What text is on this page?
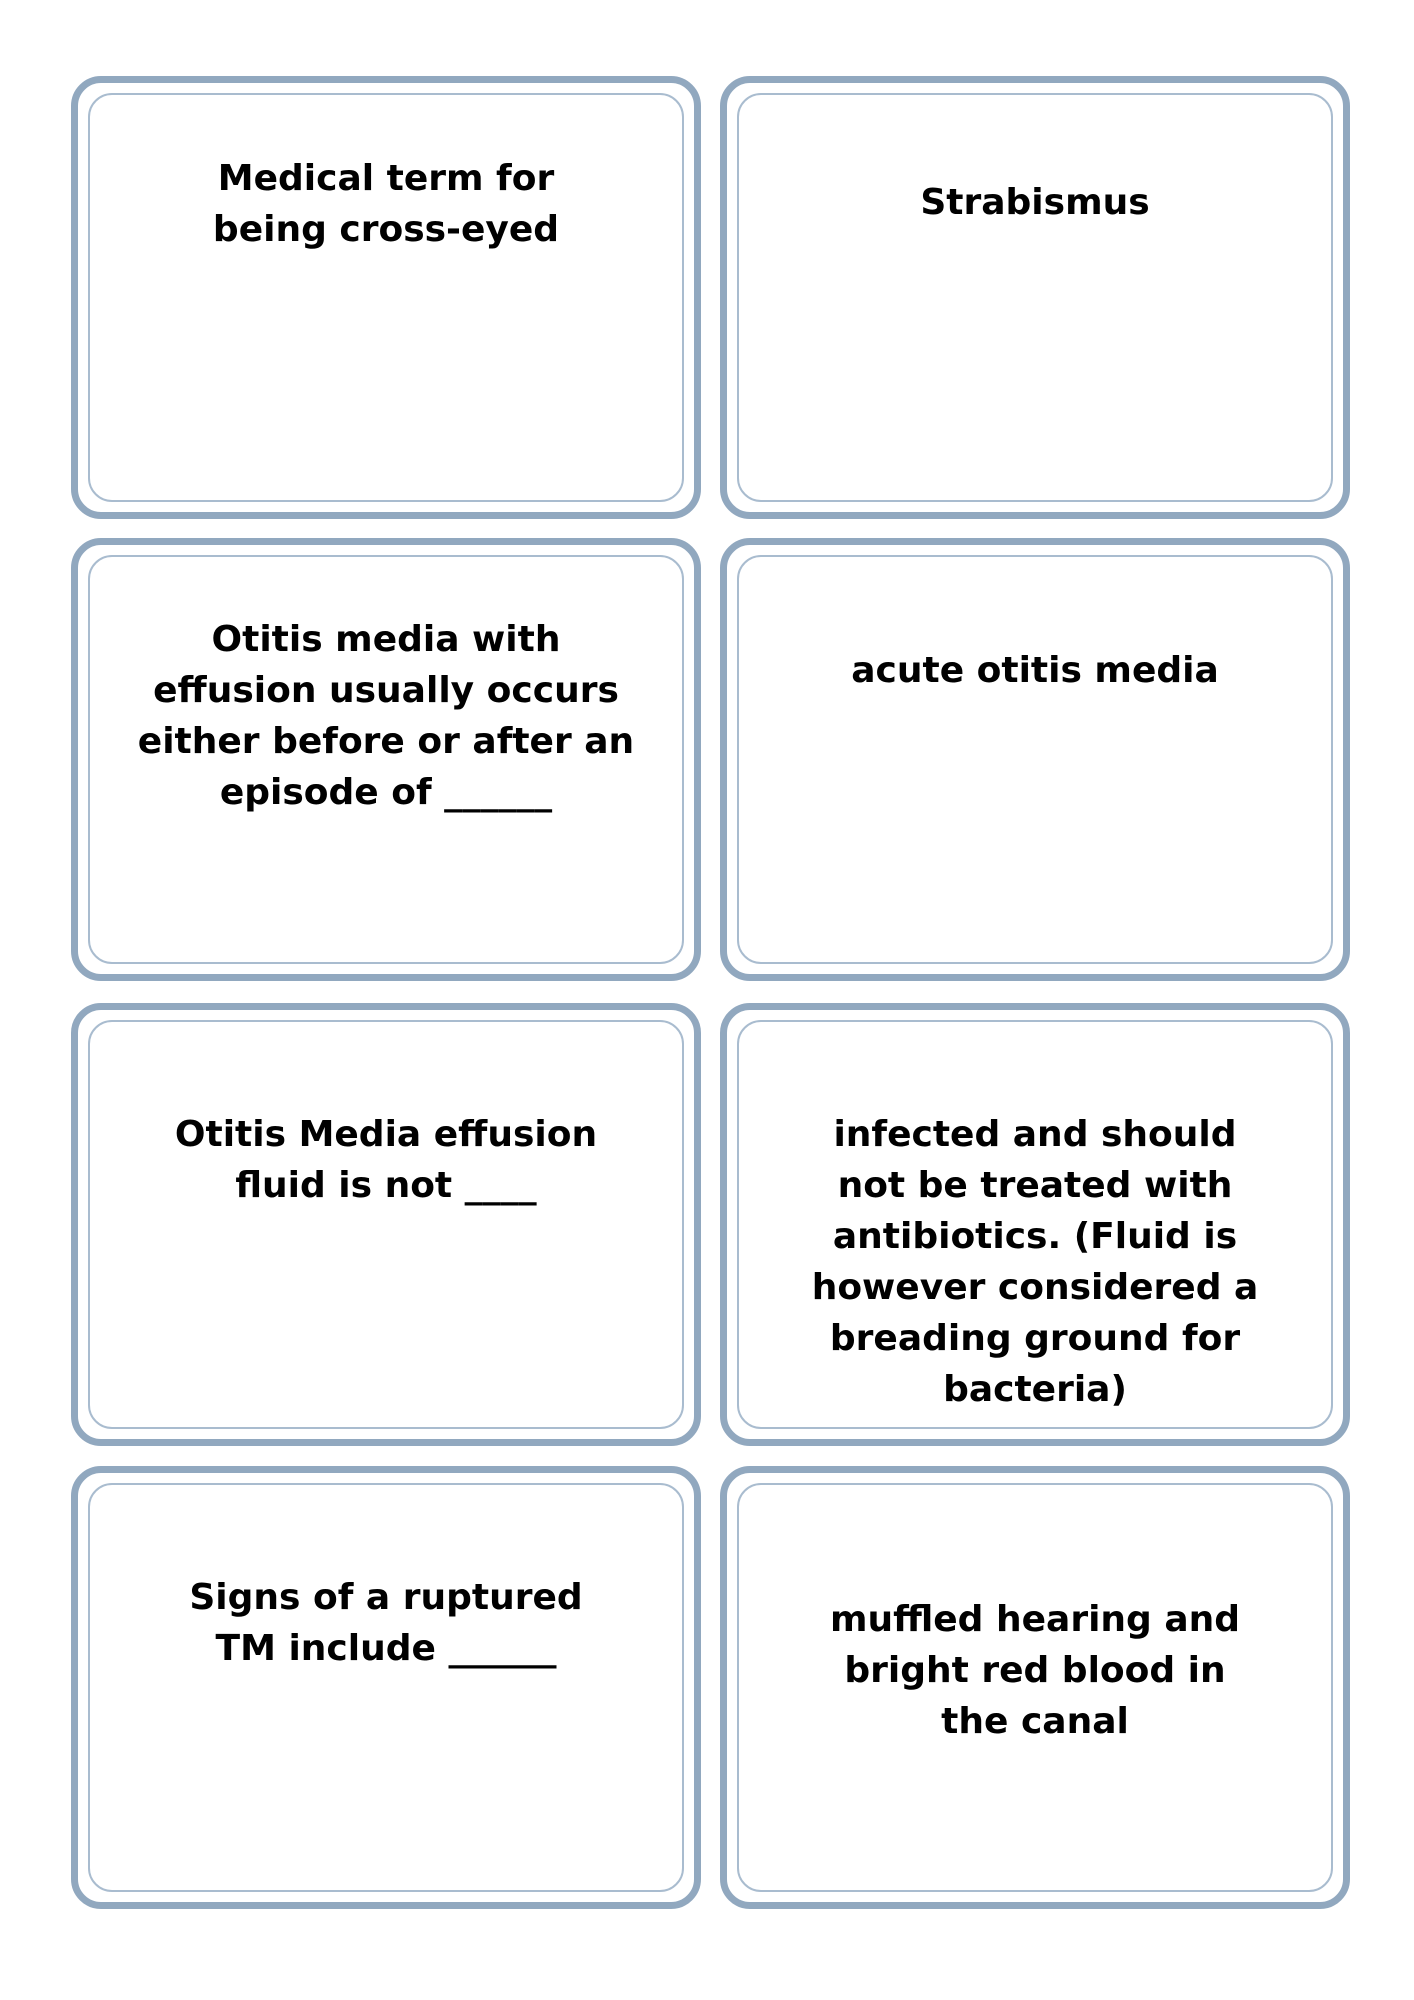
Medical term for being cross-eyed
Strabismus
Otitis media with effusion usually occurs either before or after an episode of ______
acute otitis media
Otitis Media effusion fluid is not ____
infected and should not be treated with antibiotics. (Fluid is however considered a breading ground for bacteria)
Signs of a ruptured TM include ______
muffled hearing and bright red blood in the canal
